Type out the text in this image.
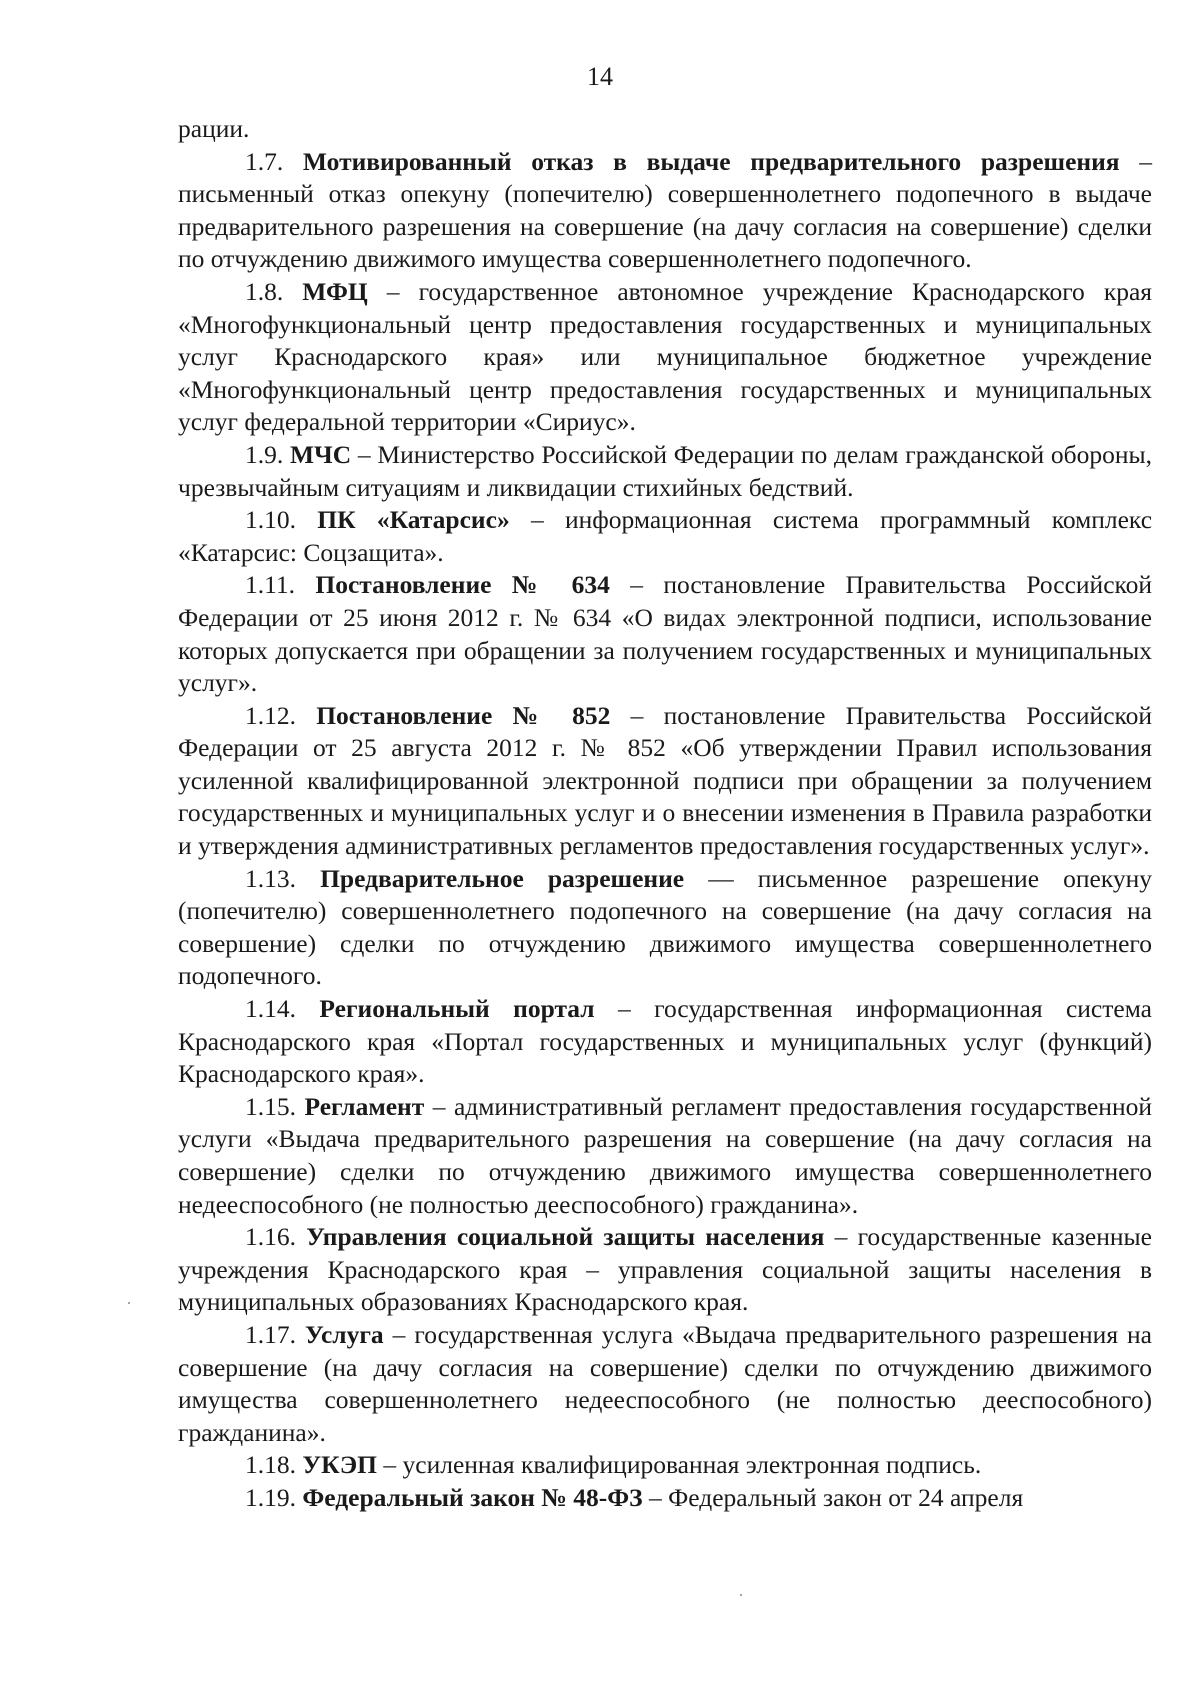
14

рации.

1.7. Мотивированный отказ в выдаче предварительного разрешения – письменный отказ опекуну (попечителю) совершеннолетнего подопечного в выдаче предварительного разрешения на совершение (на дачу согласия на совершение) сделки по отчуждению движимого имущества совершеннолетнего подопечного.

1.8. МФЦ – государственное автономное учреждение Краснодарского края «Многофункциональный центр предоставления государственных и муниципальных услуг Краснодарского края» или муниципальное бюджетное учреждение «Многофункциональный центр предоставления государственных и муниципальных услуг федеральной территории «Сириус».

1.9. МЧС – Министерство Российской Федерации по делам гражданской обороны, чрезвычайным ситуациям и ликвидации стихийных бедствий.

1.10. ПК «Катарсис» – информационная система программный комплекс «Катарсис: Соцзащита».

1.11. Постановление № 634 – постановление Правительства Российской Федерации от 25 июня 2012 г. № 634 «О видах электронной подписи, использование которых допускается при обращении за получением государственных и муниципальных услуг».

1.12. Постановление № 852 – постановление Правительства Российской Федерации от 25 августа 2012 г. № 852 «Об утверждении Правил использования усиленной квалифицированной электронной подписи при обращении за получением государственных и муниципальных услуг и о внесении изменения в Правила разработки и утверждения административных регламентов предоставления государственных услуг».

1.13. Предварительное разрешение — письменное разрешение опекуну (попечителю) совершеннолетнего подопечного на совершение (на дачу согласия на совершение) сделки по отчуждению движимого имущества совершеннолетнего подопечного.

1.14. Региональный портал – государственная информационная система Краснодарского края «Портал государственных и муниципальных услуг (функций) Краснодарского края».

1.15. Регламент – административный регламент предоставления государственной услуги «Выдача предварительного разрешения на совершение (на дачу согласия на совершение) сделки по отчуждению движимого имущества совершеннолетнего недееспособного (не полностью дееспособного) гражданина».

1.16. Управления социальной защиты населения – государственные казенные учреждения Краснодарского края – управления социальной защиты населения в муниципальных образованиях Краснодарского края.

1.17. Услуга – государственная услуга «Выдача предварительного разрешения на совершение (на дачу согласия на совершение) сделки по отчуждению движимого имущества совершеннолетнего недееспособного (не полностью дееспособного) гражданина».

1.18. УКЭП – усиленная квалифицированная электронная подпись.

1.19. Федеральный закон № 48-ФЗ – Федеральный закон от 24 апреля
